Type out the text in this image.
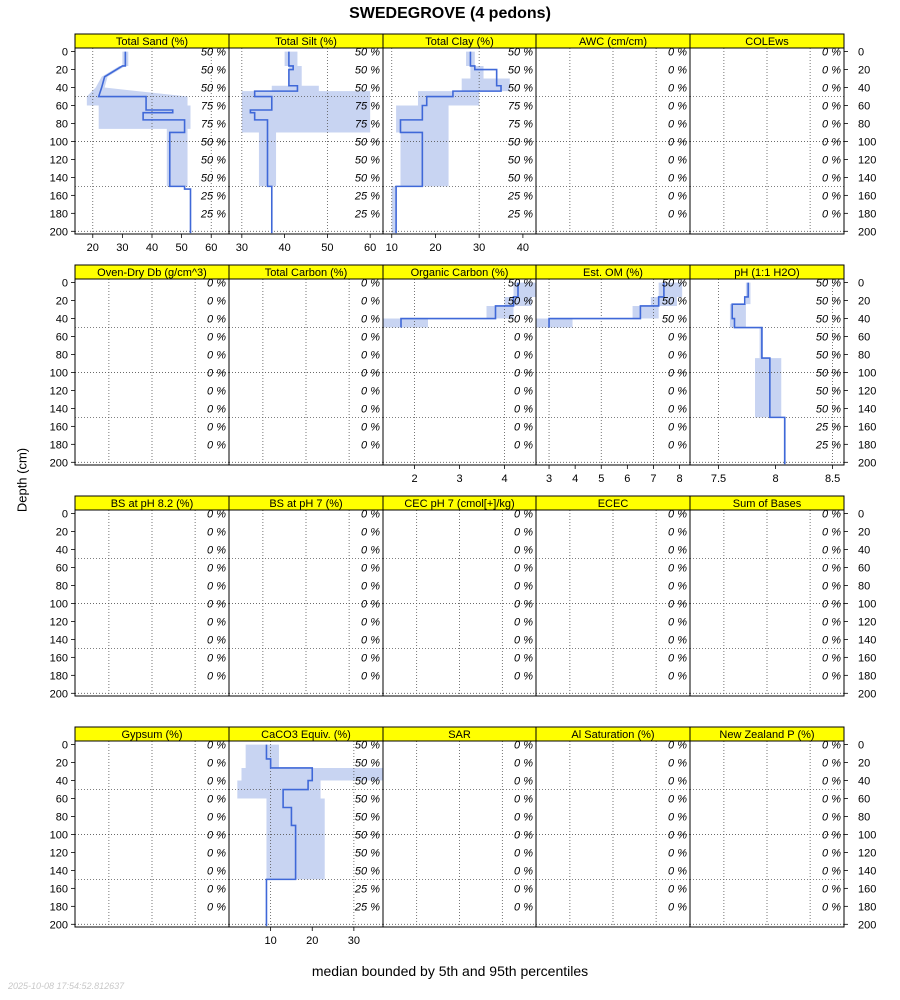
SWEDEGROVE (4 pedons)
Depth (cm)
Total Sand (%)
50 %
50 %
50 %
75 %
75 %
50 %
50 %
50 %
25 %
25 %
20 30 40 50 60
0
20
40
60
80
100
120
140
160
180
200
Total Silt (%)
50 %
50 %
50 %
75 %
75 %
50 %
50 %
50 %
25 %
25 %
30	40	50	60
Total Clay (%)
50 %
50 %
50 %
75 %
75 %
50 %
50 %
50 %
25 %
25 %
10	20	30	40
AWC (cm/cm)
0 %
0 %
0 %
0 %
0 %
0 %
0 %
0 %
0 %
0 %
COLEws
0 %
0 %
0 %
0 %
0 %
0 %
0 %
0 %
0 %
0 %
0
20
40
60
80
100
120
140
160
180
200
Oven-Dry Db (g/cm^3)
0 %
0 %
0 %
0 %
0 %
0 %
0 %
0 %
0 %
0 %
0
20
40
60
80
100
120
140
160
180
200
Total Carbon (%)
0 %
0 %
0 %
0 %
0 %
0 %
0 %
0 %
0 %
0 %
Organic Carbon (%)
50 %
50 %
50 %
0 %
0 %
0 %
0 %
0 %
0 %
0 %
2	3	4
Est. OM (%)
50 %
50 %
50 %
0 %
0 %
0 %
0 %
0 %
0 %
0 %
3 4 5 6 7 8
pH (1:1 H2O)
50 %
50 %
50 %
50 %
50 %
50 %
50 %
50 %
25 %
25 %
7.5	8	8.5
0
20
40
60
80
100
120
140
160
180
200
BS at pH 8.2 (%)
0 %
0 %
0 %
0 %
0 %
0 %
0 %
0 %
0 %
0 %
0
20
40
60
80
100
120
140
160
180
200
BS at pH 7 (%)
0 %
0 %
0 %
0 %
0 %
0 %
0 %
0 %
0 %
0 %
CEC pH 7 (cmol[+]/kg)
0 %
0 %
0 %
0 %
0 %
0 %
0 %
0 %
0 %
0 %
ECEC
0 %
0 %
0 %
0 %
0 %
0 %
0 %
0 %
0 %
0 %
Sum of Bases
0 %
0 %
0 %
0 %
0 %
0 %
0 %
0 %
0 %
0 %
0
20
40
60
80
100
120
140
160
180
200
Gypsum (%)
0 %
0 %
0 %
0 %
0 %
0 %
0 %
0 %
0 %
0 %
0
20
40
60
80
100
120
140
160
180
200
CaCO3 Equiv. (%)
50 %
50 %
50 %
50 %
50 %
50 %
50 %
50 %
25 %
25 %
10	20	30
SAR
0 %
0 %
0 %
0 %
0 %
0 %
0 %
0 %
0 %
0 %
Al Saturation (%)
0 %
0 %
0 %
0 %
0 %
0 %
0 %
0 %
0 %
0 %
New Zealand P (%)
0 %
0 %
0 %
0 %
0 %
0 %
0 %
0 %
0 %
0 %
0
20
40
60
80
100
120
140
160
180
200
median bounded by 5th and 95th percentiles
2025-10-08 17:54:52.812637
